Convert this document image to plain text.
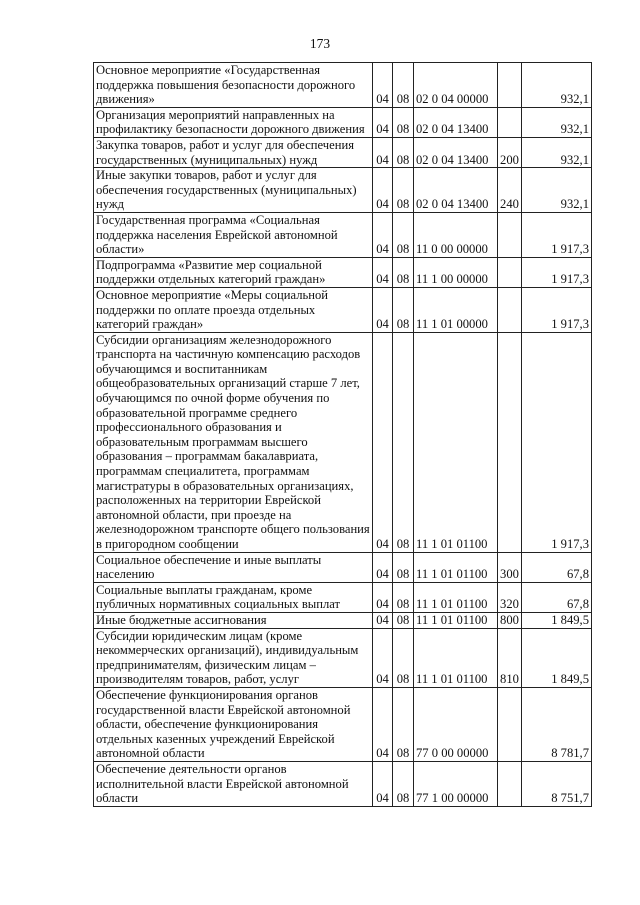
173
Основное мероприятие «Государственная поддержка повышения безопасности дорожного движения»	04	08	02 0 04 00000		932,1
Организация мероприятий направленных на профилактику безопасности дорожного движения	04	08	02 0 04 13400		932,1
Закупка товаров, работ и услуг для обеспечения государственных (муниципальных) нужд	04	08	02 0 04 13400	200	932,1
Иные закупки товаров, работ и услуг для обеспечения государственных (муниципальных) нужд	04	08	02 0 04 13400	240	932,1
Государственная программа «Социальная поддержка населения Еврейской автономной области»	04	08	11 0 00 00000		1 917,3
Подпрограмма «Развитие мер социальной поддержки отдельных категорий граждан»	04	08	11 1 00 00000		1 917,3
Основное мероприятие «Меры социальной поддержки по оплате проезда отдельных категорий граждан»	04	08	11 1 01 00000		1 917,3
Субсидии организациям железнодорожного транспорта на частичную компенсацию расходов обучающимся и воспитанникам общеобразовательных организаций старше 7 лет, обучающимся по очной форме обучения по образовательной программе среднего профессионального образования и образовательным программам высшего образования – программам бакалавриата, программам специалитета, программам магистратуры в образовательных организациях, расположенных на территории Еврейской автономной области, при проезде на железнодорожном транспорте общего пользования в пригородном сообщении	04	08	11 1 01 01100		1 917,3
Социальное обеспечение и иные выплаты населению	04	08	11 1 01 01100	300	67,8
Социальные выплаты гражданам, кроме публичных нормативных социальных выплат	04	08	11 1 01 01100	320	67,8
Иные бюджетные ассигнования	04	08	11 1 01 01100	800	1 849,5
Субсидии юридическим лицам (кроме некоммерческих организаций), индивидуальным предпринимателям, физическим лицам – производителям товаров, работ, услуг	04	08	11 1 01 01100	810	1 849,5
Обеспечение функционирования органов государственной власти Еврейской автономной области, обеспечение функционирования отдельных казенных учреждений Еврейской автономной области	04	08	77 0 00 00000		8 781,7
Обеспечение деятельности органов исполнительной власти Еврейской автономной области	04	08	77 1 00 00000		8 751,7
